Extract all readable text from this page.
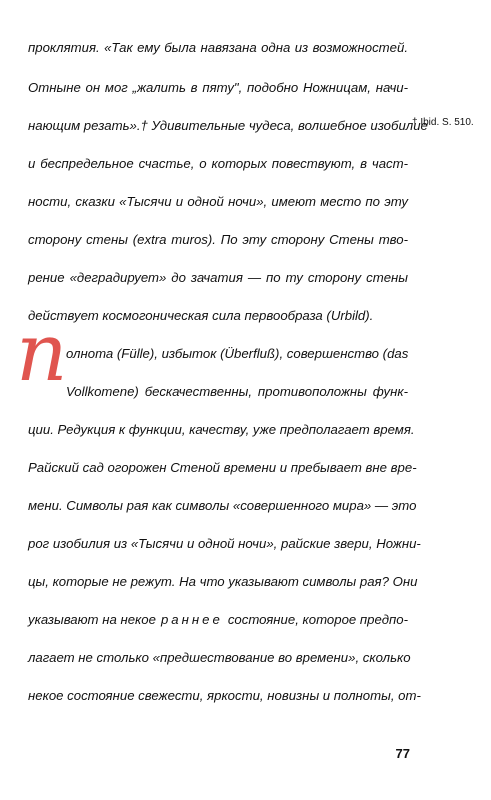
проклятия. «Так ему была навязана одна из возможностей.
Отныне он мог „жалить в пяту", подобно Ножницам, начи-
нающим резать».† Удивительные чудеса, волшебное изобилие
и беспредельное счастье, о которых повествуют, в част-
ности, сказки «Тысячи и одной ночи», имеют место по эту
сторону стены (extra muros). По эту сторону Стены тво-
рение «деградирует» до зачатия — по ту сторону стены
действует космогоническая сила первообраза (Urbild).
† Ibid. S. 510.
п
олнота (Fülle), избыток (Überfluß), совершенство (das
Vollkomene) бескачественны, противоположны функ-
ции. Редукция к функции, качеству, уже предполагает время.
Райский сад огорожен Стеной времени и пребывает вне вре-
мени. Символы рая как символы «совершенного мира» — это
рог изобилия из «Тысячи и одной ночи», райские звери, Ножни-
цы, которые не режут. На что указывают символы рая? Они
указывают на некое раннее состояние, которое предпо-
лагает не столько «предшествование во времени», сколько
некое состояние свежести, яркости, новизны и полноты, от-
77
